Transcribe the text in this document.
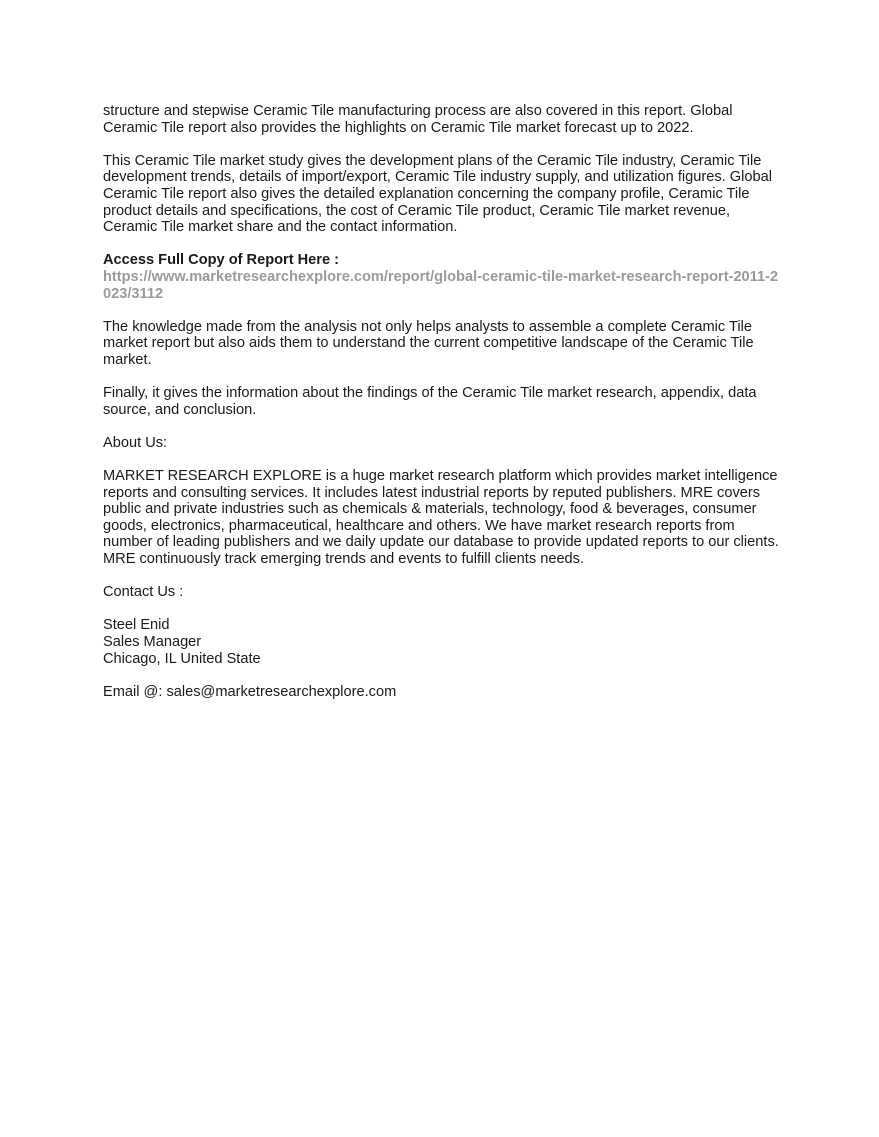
structure and stepwise Ceramic Tile manufacturing process are also covered in this report. Global Ceramic Tile report also provides the highlights on Ceramic Tile market forecast up to 2022.

This Ceramic Tile market study gives the development plans of the Ceramic Tile industry, Ceramic Tile development trends, details of import/export, Ceramic Tile industry supply, and utilization figures. Global Ceramic Tile report also gives the detailed explanation concerning the company profile, Ceramic Tile product details and specifications, the cost of Ceramic Tile product, Ceramic Tile market revenue, Ceramic Tile market share and the contact information.

Access Full Copy of Report Here :

https://www.marketresearchexplore.com/report/global-ceramic-tile-market-research-report-2011-2023/3112

The knowledge made from the analysis not only helps analysts to assemble a complete Ceramic Tile market report but also aids them to understand the current competitive landscape of the Ceramic Tile market.

Finally, it gives the information about the findings of the Ceramic Tile market research, appendix, data source, and conclusion.

About Us:

MARKET RESEARCH EXPLORE is a huge market research platform which provides market intelligence reports and consulting services. It includes latest industrial reports by reputed publishers. MRE covers public and private industries such as chemicals & materials, technology, food & beverages, consumer goods, electronics, pharmaceutical, healthcare and others. We have market research reports from number of leading publishers and we daily update our database to provide updated reports to our clients. MRE continuously track emerging trends and events to fulfill clients needs.

Contact Us :

Steel Enid
Sales Manager
Chicago, IL United State

Email @: sales@marketresearchexplore.com
